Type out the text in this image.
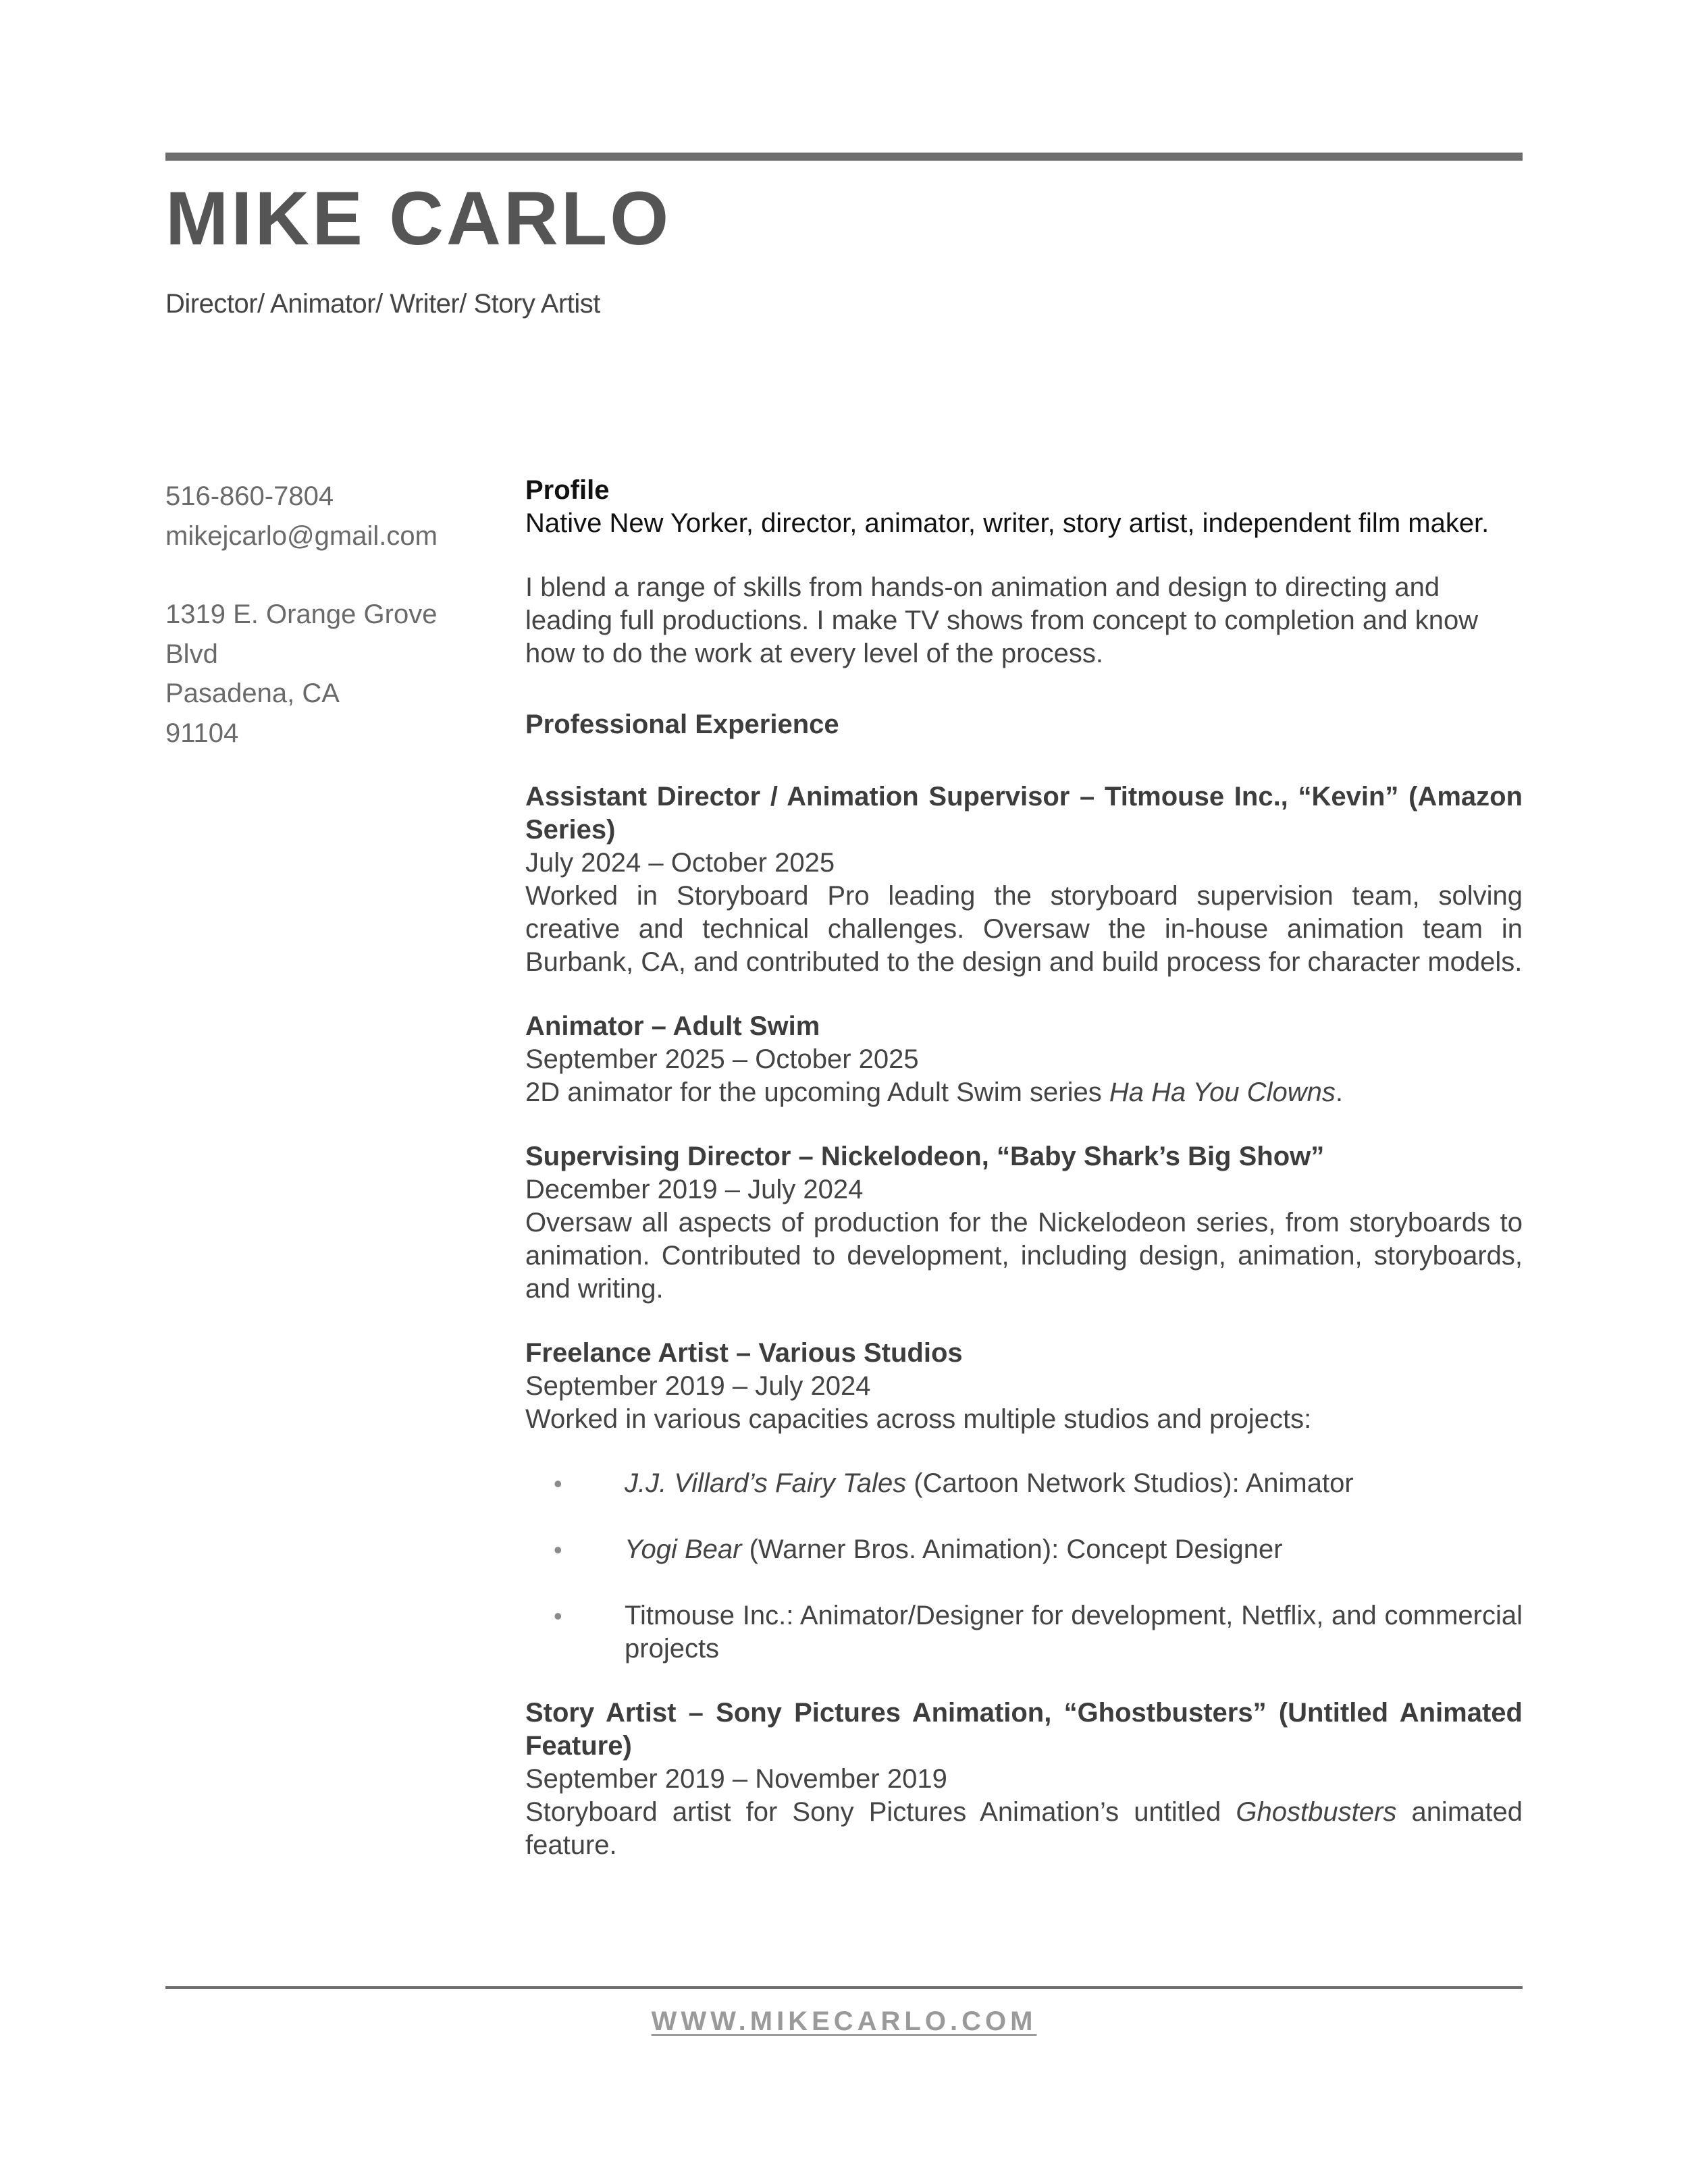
MIKE CARLO
Director/ Animator/ Writer/ Story Artist
516-860-7804
mikejcarlo@gmail.com
1319 E. Orange Grove
Blvd
Pasadena, CA
91104
Profile

Native New Yorker, director, animator, writer, story artist, independent film maker.

I blend a range of skills from hands-on animation and design to directing and leading full productions. I make TV shows from concept to completion and know how to do the work at every level of the process.

Professional Experience
Assistant Director / Animation Supervisor – Titmouse Inc., “Kevin” (Amazon Series)
July 2024 – October 2025

Worked in Storyboard Pro leading the storyboard supervision team, solving creative and technical challenges. Oversaw the in-house animation team in Burbank, CA, and contributed to the design and build process for character models.

Animator – Adult Swim
September 2025 – October 2025

2D animator for the upcoming Adult Swim series Ha Ha You Clowns.

Supervising Director – Nickelodeon, “Baby Shark’s Big Show”
December 2019 – July 2024

Oversaw all aspects of production for the Nickelodeon series, from storyboards to animation. Contributed to development, including design, animation, storyboards, and writing.

Freelance Artist – Various Studios
September 2019 – July 2024

Worked in various capacities across multiple studios and projects:

• J.J. Villard’s Fairy Tales (Cartoon Network Studios): Animator
• Yogi Bear (Warner Bros. Animation): Concept Designer
• Titmouse Inc.: Animator/Designer for development, Netflix, and commercial projects
Story Artist – Sony Pictures Animation, “Ghostbusters” (Untitled Animated Feature)
September 2019 – November 2019

Storyboard artist for Sony Pictures Animation’s untitled Ghostbusters animated feature.

WWW.MIKECARLO.COM
